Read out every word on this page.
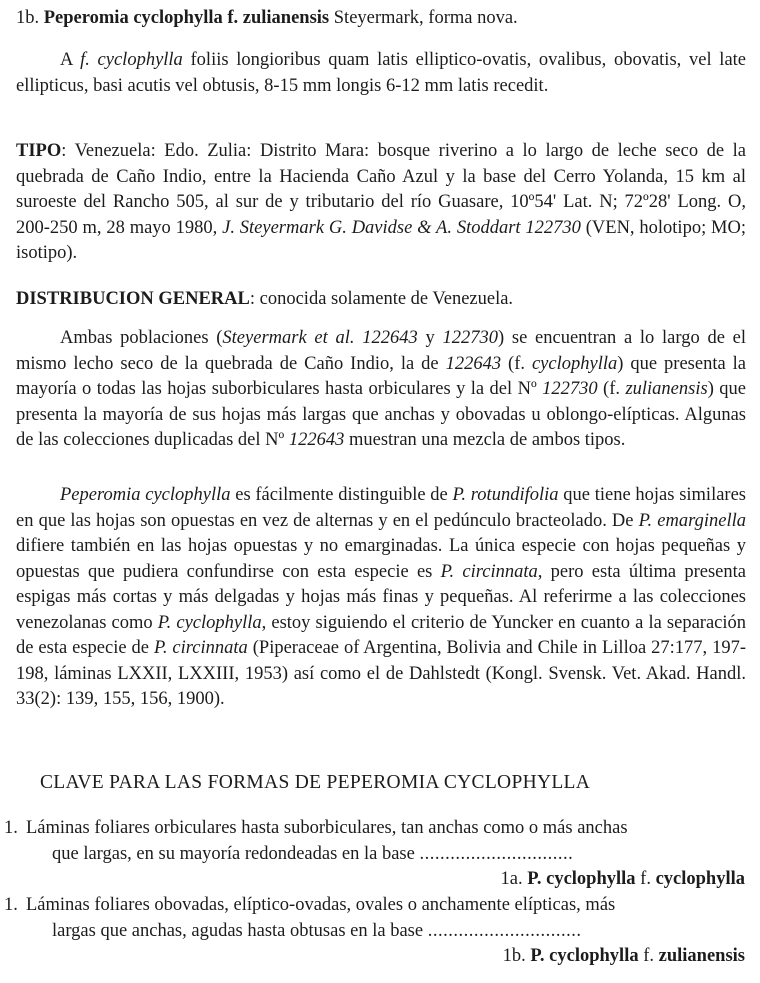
1b. Peperomia cyclophylla f. zulianensis Steyermark, forma nova.
A f. cyclophylla foliis longioribus quam latis elliptico-ovatis, ovalibus, obovatis, vel late ellipticus, basi acutis vel obtusis, 8-15 mm longis 6-12 mm latis recedit.
TIPO: Venezuela: Edo. Zulia: Distrito Mara: bosque riverino a lo largo de leche seco de la quebrada de Caño Indio, entre la Hacienda Caño Azul y la base del Cerro Yolanda, 15 km al suroeste del Rancho 505, al sur de y tributario del río Guasare, 10º54' Lat. N; 72º28' Long. O, 200-250 m, 28 mayo 1980, J. Steyermark G. Davidse & A. Stoddart 122730 (VEN, holotipo; MO; isotipo).
DISTRIBUCION GENERAL: conocida solamente de Venezuela.
Ambas poblaciones (Steyermark et al. 122643 y 122730) se encuentran a lo largo de el mismo lecho seco de la quebrada de Caño Indio, la de 122643 (f. cyclophylla) que presenta la mayoría o todas las hojas suborbiculares hasta orbiculares y la del Nº 122730 (f. zulianensis) que presenta la mayoría de sus hojas más largas que anchas y obovadas u oblongo-elípticas. Algunas de las colecciones duplicadas del Nº 122643 muestran una mezcla de ambos tipos.
Peperomia cyclophylla es fácilmente distinguible de P. rotundifolia que tiene hojas similares en que las hojas son opuestas en vez de alternas y en el pedúnculo bracteolado. De P. emarginella difiere también en las hojas opuestas y no emarginadas. La única especie con hojas pequeñas y opuestas que pudiera confundirse con esta especie es P. circinnata, pero esta última presenta espigas más cortas y más delgadas y hojas más finas y pequeñas. Al referirme a las colecciones venezolanas como P. cyclophylla, estoy siguiendo el criterio de Yuncker en cuanto a la separación de esta especie de P. circinnata (Piperaceae of Argentina, Bolivia and Chile in Lilloa 27:177, 197-198, láminas LXXII, LXXIII, 1953) así como el de Dahlstedt (Kongl. Svensk. Vet. Akad. Handl. 33(2): 139, 155, 156, 1900).
CLAVE PARA LAS FORMAS DE PEPEROMIA CYCLOPHYLLA
1. Láminas foliares orbiculares hasta suborbiculares, tan anchas como o más anchas
que largas, en su mayoría redondeadas en la base ..............................
1a. P. cyclophylla f. cyclophylla
1. Láminas foliares obovadas, elíptico-ovadas, ovales o anchamente elípticas, más
largas que anchas, agudas hasta obtusas en la base ..............................
1b. P. cyclophylla f. zulianensis
